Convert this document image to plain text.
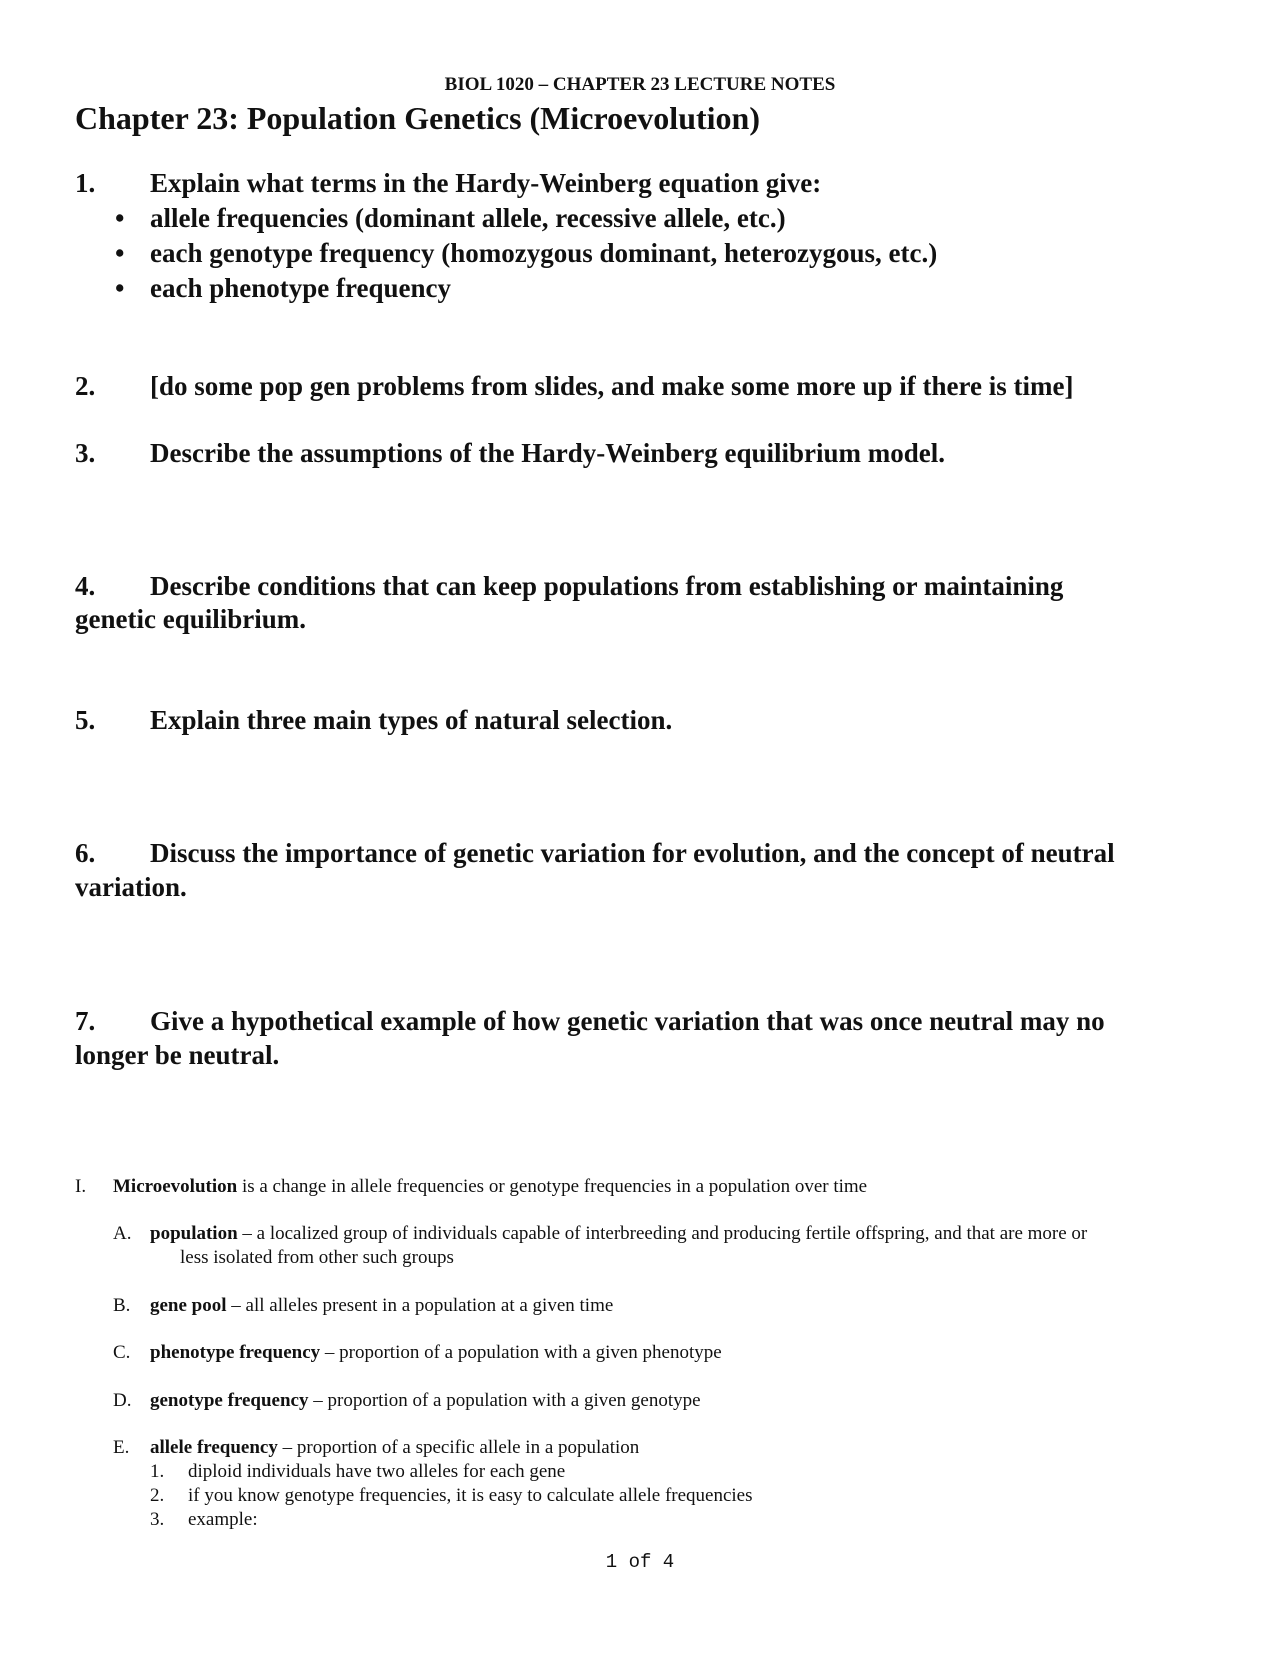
BIOL 1020 – CHAPTER 23 LECTURE NOTES
Chapter 23: Population Genetics (Microevolution)
1. Explain what terms in the Hardy-Weinberg equation give:
• allele frequencies (dominant allele, recessive allele, etc.)
• each genotype frequency (homozygous dominant, heterozygous, etc.)
• each phenotype frequency
2. [do some pop gen problems from slides, and make some more up if there is time]
3. Describe the assumptions of the Hardy-Weinberg equilibrium model.
4. Describe conditions that can keep populations from establishing or maintaining
genetic equilibrium.
5. Explain three main types of natural selection.
6. Discuss the importance of genetic variation for evolution, and the concept of neutral
variation.
7. Give a hypothetical example of how genetic variation that was once neutral may no
longer be neutral.
I. Microevolution is a change in allele frequencies or genotype frequencies in a population over time
A. population – a localized group of individuals capable of interbreeding and producing fertile offspring, and that are more or
less isolated from other such groups
B. gene pool – all alleles present in a population at a given time
C. phenotype frequency – proportion of a population with a given phenotype
D. genotype frequency – proportion of a population with a given genotype
E. allele frequency – proportion of a specific allele in a population
1. diploid individuals have two alleles for each gene
2. if you know genotype frequencies, it is easy to calculate allele frequencies
3. example:
1 of 4
